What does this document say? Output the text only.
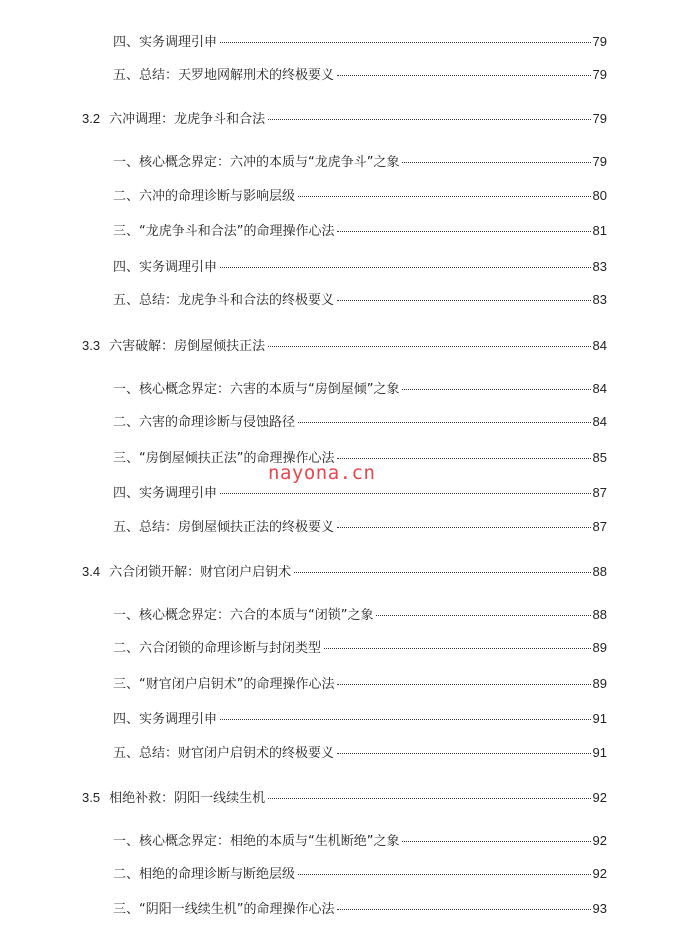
四、实务调理引申	79
五、总结：天罗地网解刑术的终极要义	79
3.2 六冲调理：龙虎争斗和合法	79
一、核心概念界定：六冲的本质与“龙虎争斗”之象	79
二、六冲的命理诊断与影响层级	80
三、“龙虎争斗和合法”的命理操作心法	81
四、实务调理引申	83
五、总结：龙虎争斗和合法的终极要义	83
3.3 六害破解：房倒屋倾扶正法	84
一、核心概念界定：六害的本质与“房倒屋倾”之象	84
二、六害的命理诊断与侵蚀路径	84
三、“房倒屋倾扶正法”的命理操作心法	85
四、实务调理引申	87
五、总结：房倒屋倾扶正法的终极要义	87
3.4 六合闭锁开解：财官闭户启钥术	88
一、核心概念界定：六合的本质与“闭锁”之象	88
二、六合闭锁的命理诊断与封闭类型	89
三、“财官闭户启钥术”的命理操作心法	89
四、实务调理引申	91
五、总结：财官闭户启钥术的终极要义	91
3.5 相绝补救：阴阳一线续生机	92
一、核心概念界定：相绝的本质与“生机断绝”之象	92
二、相绝的命理诊断与断绝层级	92
三、“阴阳一线续生机”的命理操作心法	93
nayona.cn
